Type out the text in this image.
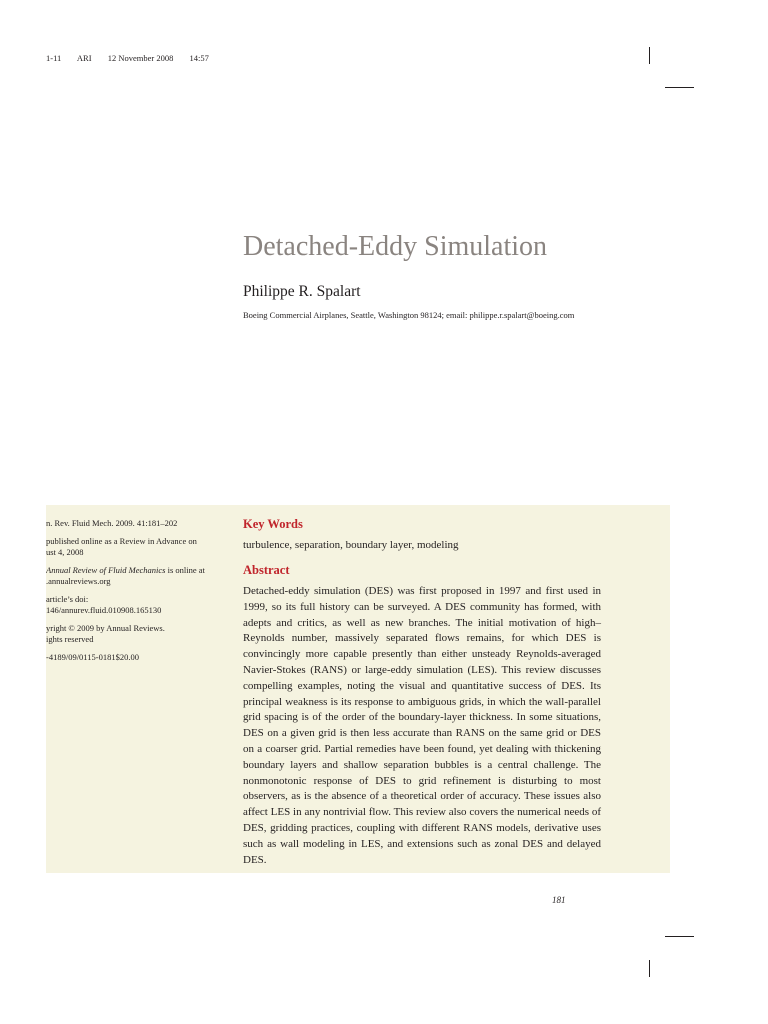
1-11 ARI 12 November 2008 14:57
Detached-Eddy Simulation
Philippe R. Spalart
Boeing Commercial Airplanes, Seattle, Washington 98124; email: philippe.r.spalart@boeing.com

n. Rev. Fluid Mech. 2009. 41:181–202

published online as a Review in Advance on
ust 4, 2008

Annual Review of Fluid Mechanics is online at
.annualreviews.org

article’s doi:
146/annurev.fluid.010908.165130

yright © 2009 by Annual Reviews.
ights reserved

-4189/09/0115-0181$20.00

Key Words
turbulence, separation, boundary layer, modeling
Abstract

Detached-eddy simulation (DES) was first proposed in 1997 and first used in 1999, so its full history can be surveyed. A DES community has formed, with adepts and critics, as well as new branches. The initial motivation of high–Reynolds number, massively separated flows remains, for which DES is convincingly more capable presently than either unsteady Reynolds-averaged Navier-Stokes (RANS) or large-eddy simulation (LES). This review discusses compelling examples, noting the visual and quantitative success of DES. Its principal weakness is its response to ambiguous grids, in which the wall-parallel grid spacing is of the order of the boundary-layer thickness. In some situations, DES on a given grid is then less accurate than RANS on the same grid or DES on a coarser grid. Partial remedies have been found, yet dealing with thickening boundary layers and shallow separation bubbles is a central challenge. The nonmonotonic response of DES to grid refinement is disturbing to most observers, as is the absence of a theoretical order of accuracy. These issues also affect LES in any nontrivial flow. This review also covers the numerical needs of DES, gridding practices, coupling with different RANS models, derivative uses such as wall modeling in LES, and extensions such as zonal DES and delayed DES.

181
